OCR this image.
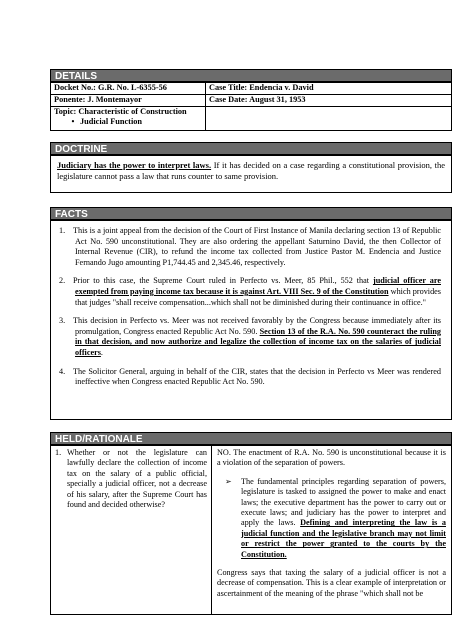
DETAILS
Docket No.: G.R. No. L-6355-56	Case Title: Endencia v. David
Ponente: J. Montemayor	Case Date: August 31, 1953
Topic: Characteristic of Construction
• Judicial Function	
DOCTRINE
Judiciary has the power to interpret laws. If it has decided on a case regarding a constitutional provision, the legislature cannot pass a law that runs counter to same provision.
FACTS
1. This is a joint appeal from the decision of the Court of First Instance of Manila declaring section 13 of Republic Act No. 590 unconstitutional. They are also ordering the appellant Saturnino David, the then Collector of Internal Revenue (CIR), to refund the income tax collected from Justice Pastor M. Endencia and Justice Fernando Jugo amounting P1,744.45 and 2,345.46, respectively.
2. Prior to this case, the Supreme Court ruled in Perfecto vs. Meer, 85 Phil., 552 that judicial officer are exempted from paying income tax because it is against Art. VIII Sec. 9 of the Constitution which provides that judges "shall receive compensation...which shall not be diminished during their continuance in office."
3. This decision in Perfecto vs. Meer was not received favorably by the Congress because immediately after its promulgation, Congress enacted Republic Act No. 590. Section 13 of the R.A. No. 590 counteract the ruling in that decision, and now authorize and legalize the collection of income tax on the salaries of judicial officers.
4. The Solicitor General, arguing in behalf of the CIR, states that the decision in Perfecto vs Meer was rendered ineffective when Congress enacted Republic Act No. 590.
HELD/RATIONALE
1. Whether or not the legislature can lawfully declare the collection of income tax on the salary of a public official, specially a judicial officer, not a decrease of his salary, after the Supreme Court has found and decided otherwise?

NO. The enactment of R.A. No. 590 is unconstitutional because it is a violation of the separation of powers.
➢ The fundamental principles regarding separation of powers, legislature is tasked to assigned the power to make and enact laws; the executive department has the power to carry out or execute laws; and judiciary has the power to interpret and apply the laws. Defining and interpreting the law is a judicial function and the legislative branch may not limit or restrict the power granted to the courts by the Constitution.
Congress says that taxing the salary of a judicial officer is not a decrease of compensation. This is a clear example of interpretation or ascertainment of the meaning of the phrase "which shall not be
